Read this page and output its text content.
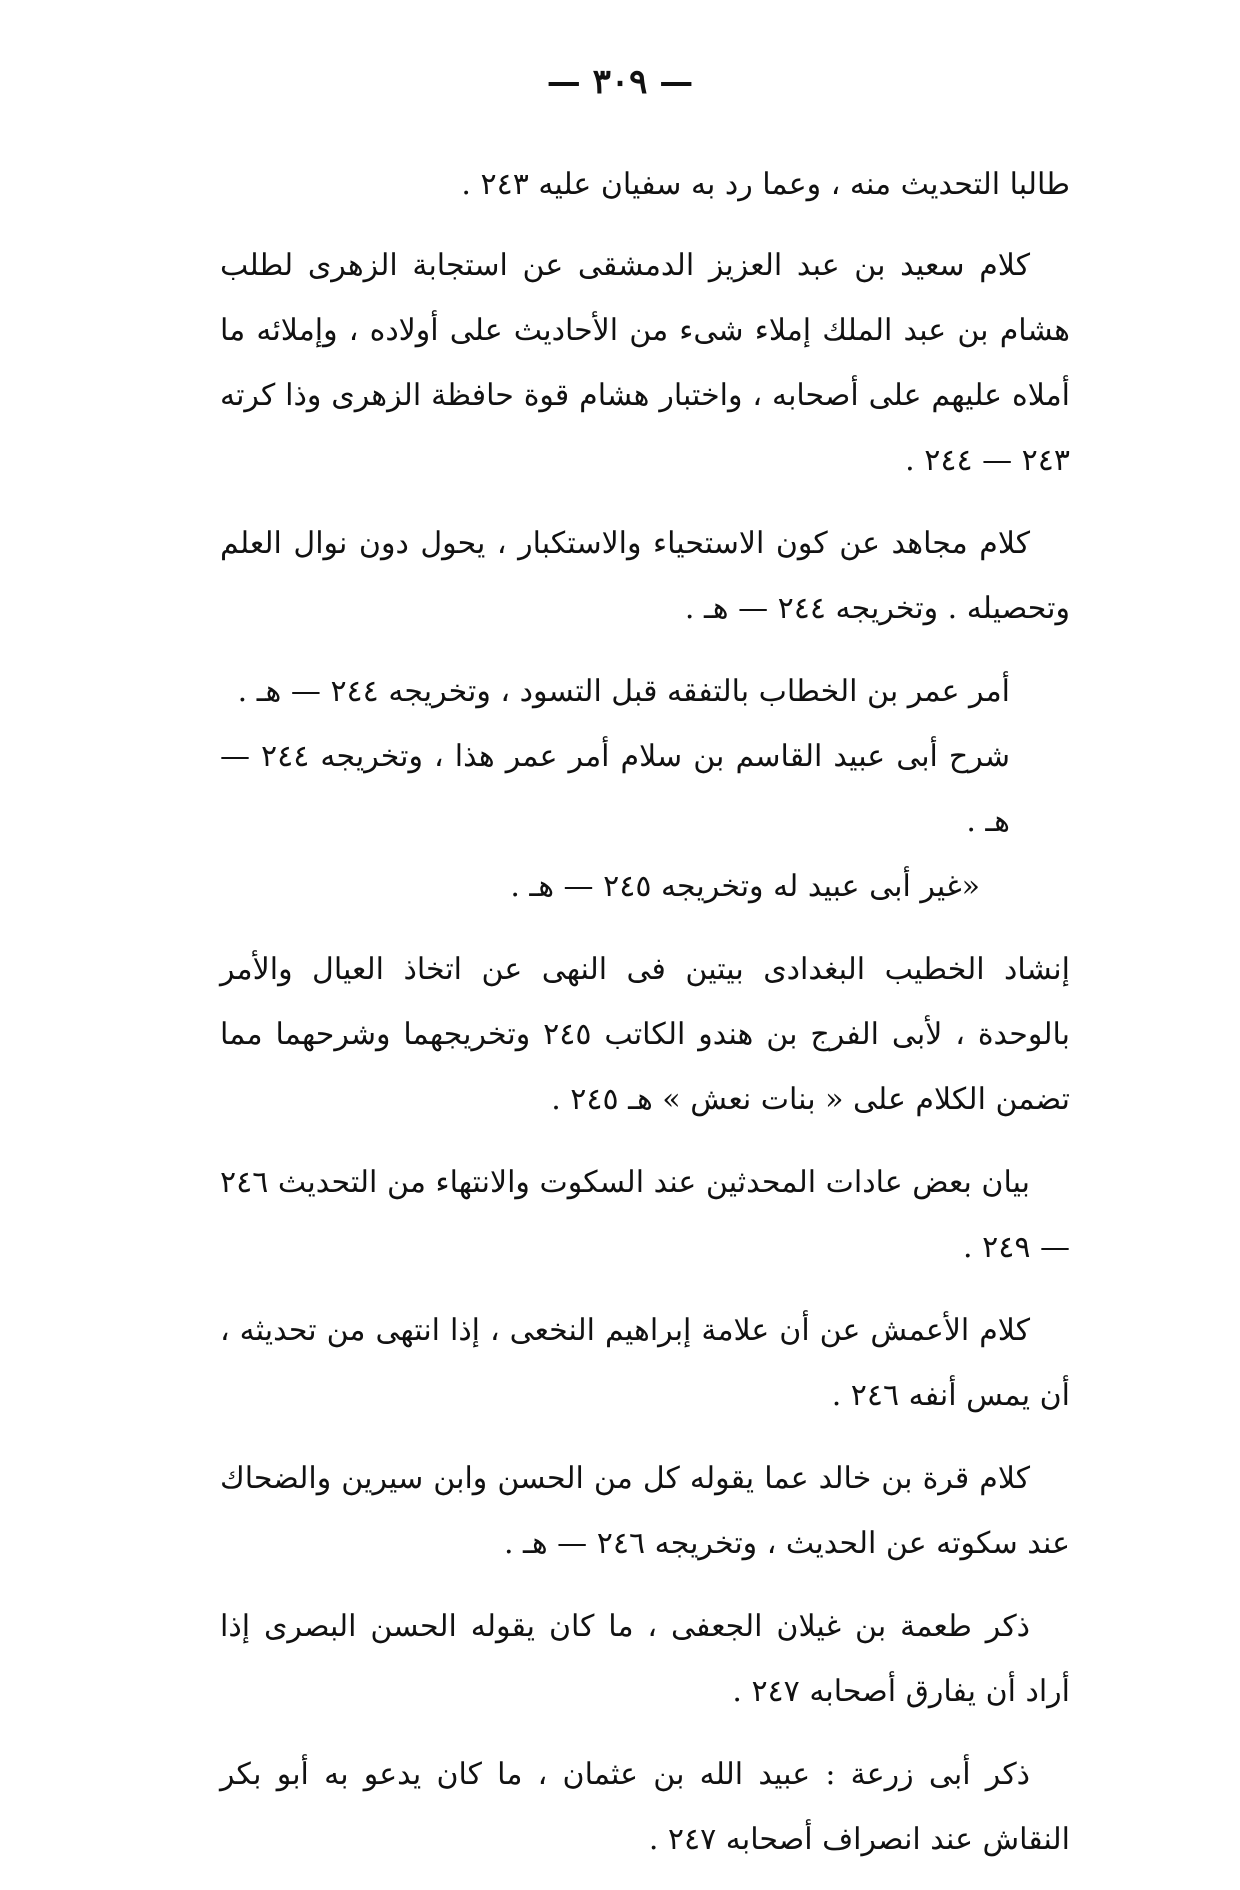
— ٣٠٩ —

طالبا التحديث منه ، وعما رد به سفيان عليه ٢٤٣ .

كلام سعيد بن عبد العزيز الدمشقى عن استجابة الزهرى لطلب هشام بن عبد الملك إملاء شىء من الأحاديث على أولاده ، وإملائه ما أملاه عليهم على أصحابه ، واختبار هشام قوة حافظة الزهرى وذا كرته ٢٤٣ — ٢٤٤ .

كلام مجاهد عن كون الاستحياء والاستكبار ، يحول دون نوال العلم وتحصيله . وتخريجه ٢٤٤ — هـ .

أمر عمر بن الخطاب بالتفقه قبل التسود ، وتخريجه ٢٤٤ — هـ .

شرح أبى عبيد القاسم بن سلام أمر عمر هذا ، وتخريجه ٢٤٤ — هـ .

«غير أبى عبيد له وتخريجه ٢٤٥ — هـ .

إنشاد الخطيب البغدادى بيتين فى النهى عن اتخاذ العيال والأمر بالوحدة ، لأبى الفرج بن هندو الكاتب ٢٤٥ وتخريجهما وشرحهما مما تضمن الكلام على « بنات نعش » هـ ٢٤٥ .

بيان بعض عادات المحدثين عند السكوت والانتهاء من التحديث ٢٤٦ — ٢٤٩ .

كلام الأعمش عن أن علامة إبراهيم النخعى ، إذا انتهى من تحديثه ، أن يمس أنفه ٢٤٦ .

كلام قرة بن خالد عما يقوله كل من الحسن وابن سيرين والضحاك عند سكوته عن الحديث ، وتخريجه ٢٤٦ — هـ .

ذكر طعمة بن غيلان الجعفى ، ما كان يقوله الحسن البصرى إذا أراد أن يفارق أصحابه ٢٤٧ .

ذكر أبى زرعة : عبيد الله بن عثمان ، ما كان يدعو به أبو بكر النقاش عند انصراف أصحابه ٢٤٧ .
